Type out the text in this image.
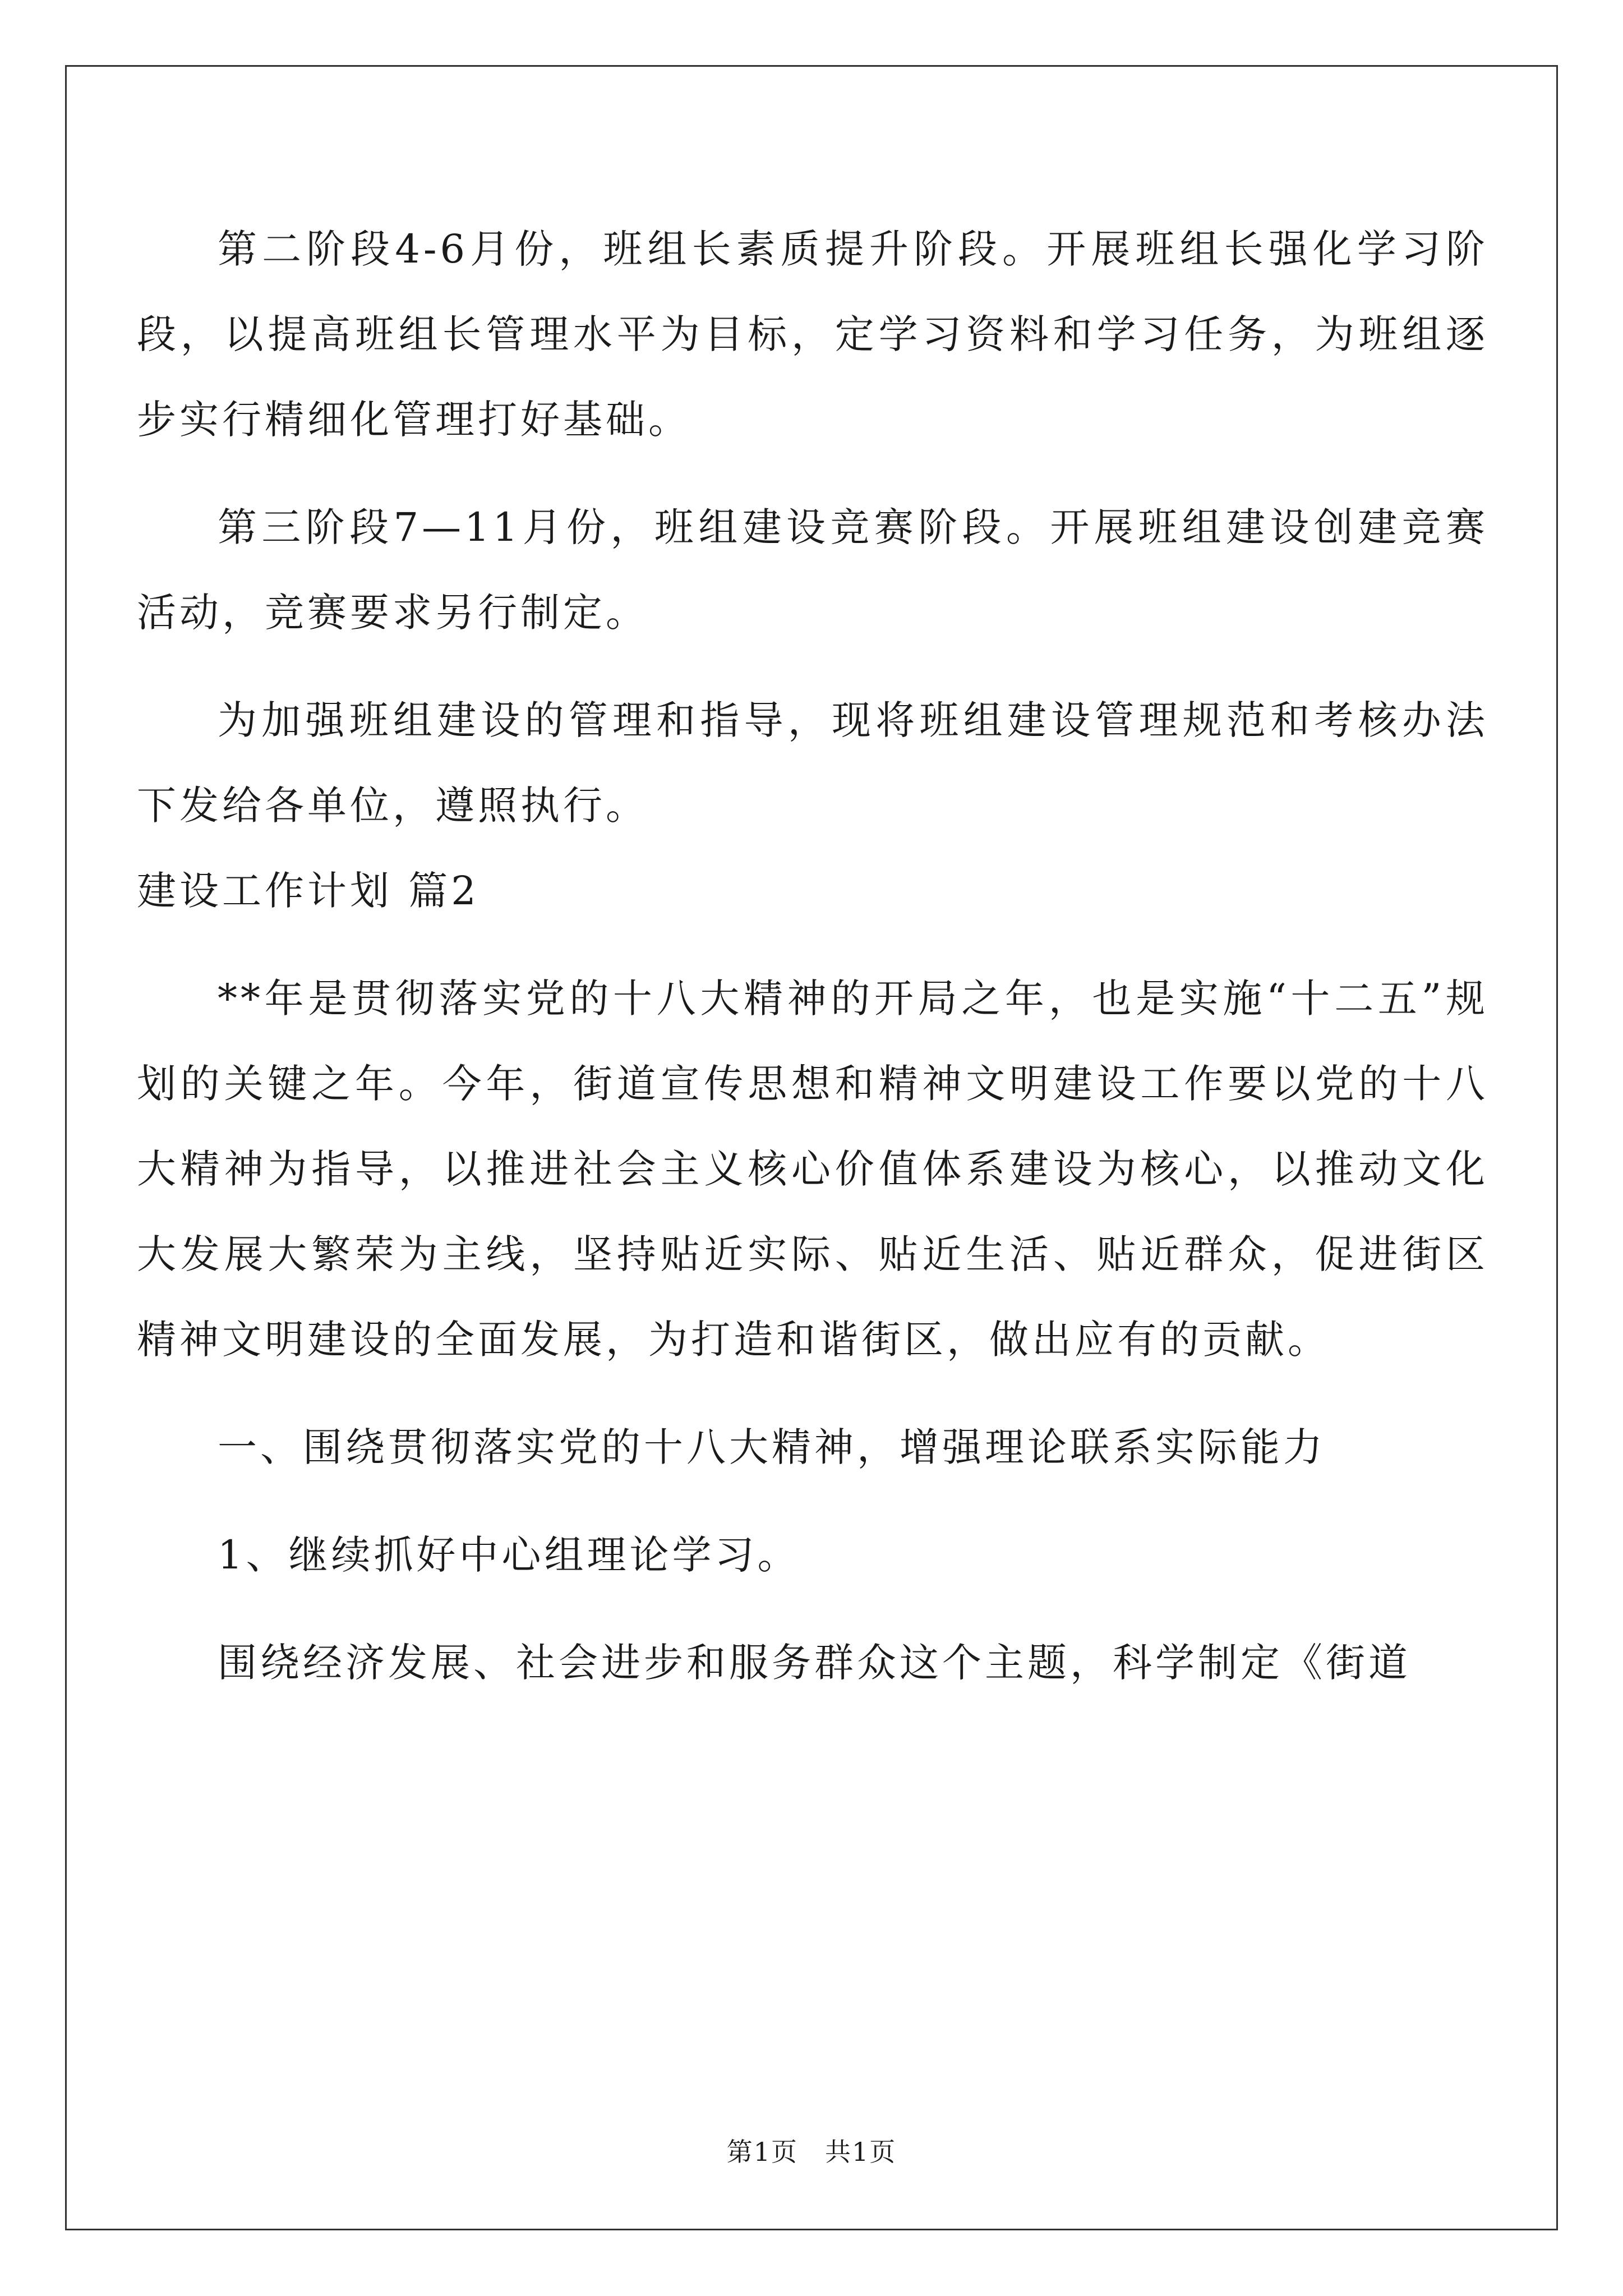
第二阶段4-6月份，班组长素质提升阶段。开展班组长强化学习阶段，以提高班组长管理水平为目标，定学习资料和学习任务，为班组逐步实行精细化管理打好基础。

第三阶段7—11月份，班组建设竞赛阶段。开展班组建设创建竞赛活动，竞赛要求另行制定。

为加强班组建设的管理和指导，现将班组建设管理规范和考核办法下发给各单位，遵照执行。

建设工作计划 篇2

**年是贯彻落实党的十八大精神的开局之年，也是实施“十二五”规划的关键之年。今年，街道宣传思想和精神文明建设工作要以党的十八大精神为指导，以推进社会主义核心价值体系建设为核心，以推动文化大发展大繁荣为主线，坚持贴近实际、贴近生活、贴近群众，促进街区精神文明建设的全面发展，为打造和谐街区，做出应有的贡献。

一、围绕贯彻落实党的十八大精神，增强理论联系实际能力

1、继续抓好中心组理论学习。

围绕经济发展、社会进步和服务群众这个主题，科学制定《街道

第1页　共1页
